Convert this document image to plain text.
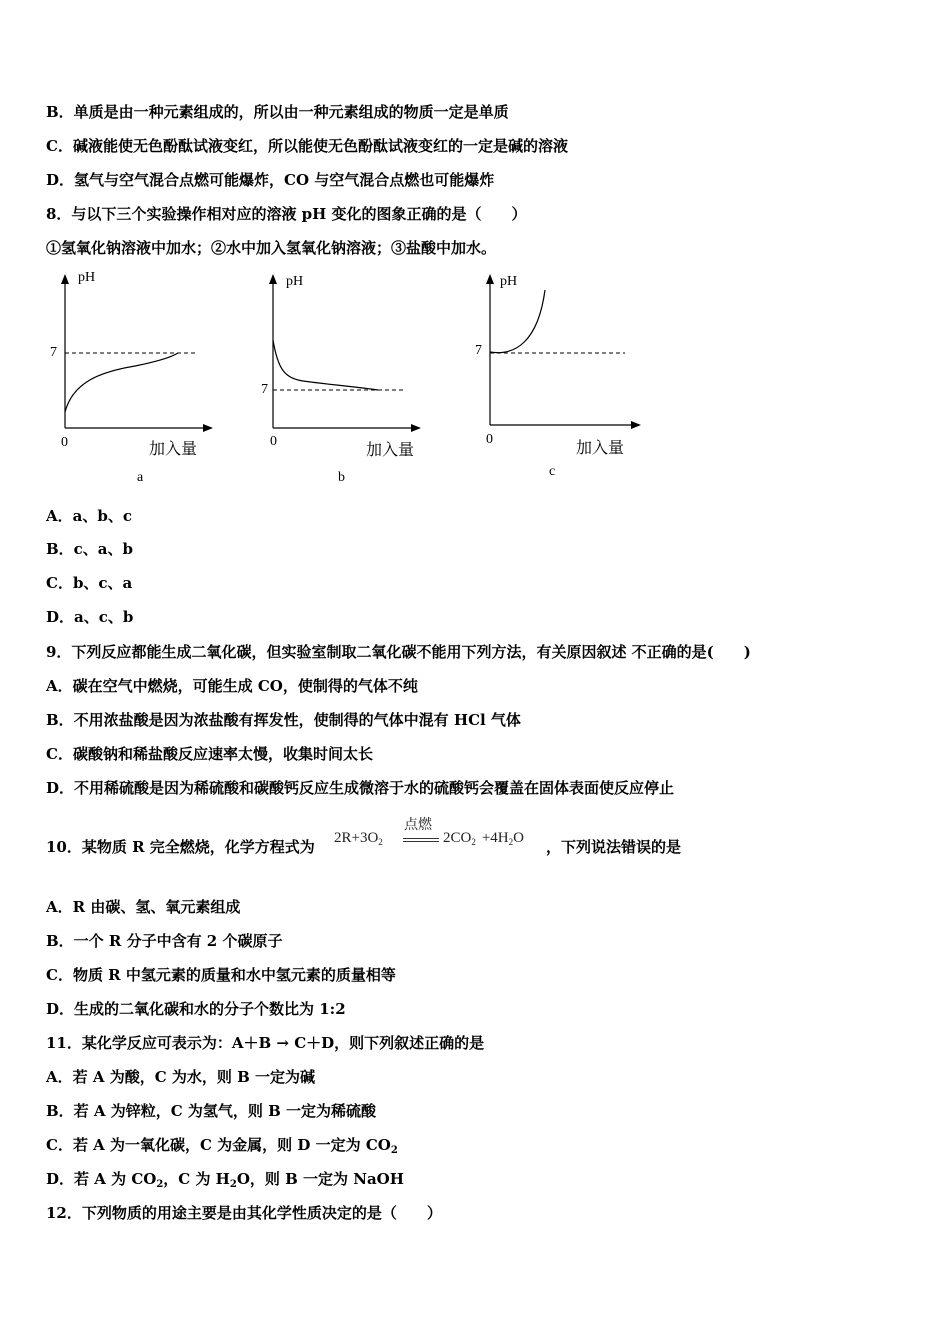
B．单质是由一种元素组成的，所以由一种元素组成的物质一定是单质
C．碱液能使无色酚酞试液变红，所以能使无色酚酞试液变红的一定是碱的溶液
D．氢气与空气混合点燃可能爆炸，CO 与空气混合点燃也可能爆炸
8．与以下三个实验操作相对应的溶液 pH 变化的图象正确的是（　　）
①氢氧化钠溶液中加水；②水中加入氢氧化钠溶液；③盐酸中加水。
pH
7
0	加入量
a
pH
7
0
加入量
b
pH
7
0
加入量
c
A．a、b、c
B．c、a、b
C．b、c、a
D．a、c、b
9．下列反应都能生成二氧化碳，但实验室制取二氧化碳不能用下列方法，有关原因叙述 不正确的是(　　)
A．碳在空气中燃烧，可能生成 CO，使制得的气体不纯
B．不用浓盐酸是因为浓盐酸有挥发性，使制得的气体中混有 HCl 气体
C．碳酸钠和稀盐酸反应速率太慢，收集时间太长
D．不用稀硫酸是因为稀硫酸和碳酸钙反应生成微溶于水的硫酸钙会覆盖在固体表面使反应停止
10．某物质 R 完全燃烧，化学方程式为 $2R+3O_2$
点燃
$2CO_2 +4H_2O$ ，下列说法错误的是
A．R 由碳、氢、氧元素组成
B．一个 R 分子中含有 2 个碳原子
C．物质 R 中氢元素的质量和水中氢元素的质量相等
D．生成的二氧化碳和水的分子个数比为 1:2
11．某化学反应可表示为：A＋B → C＋D，则下列叙述正确的是
A．若 A 为酸，C 为水，则 B 一定为碱
B．若 A 为锌粒，C 为氢气，则 B 一定为稀硫酸
C．若 A 为一氧化碳，C 为金属，则 D 一定为 $CO_2$
D．若 A 为 $CO_2$，C 为 $H_2O$，则 B 一定为 NaOH
12．下列物质的用途主要是由其化学性质决定的是（　　）
